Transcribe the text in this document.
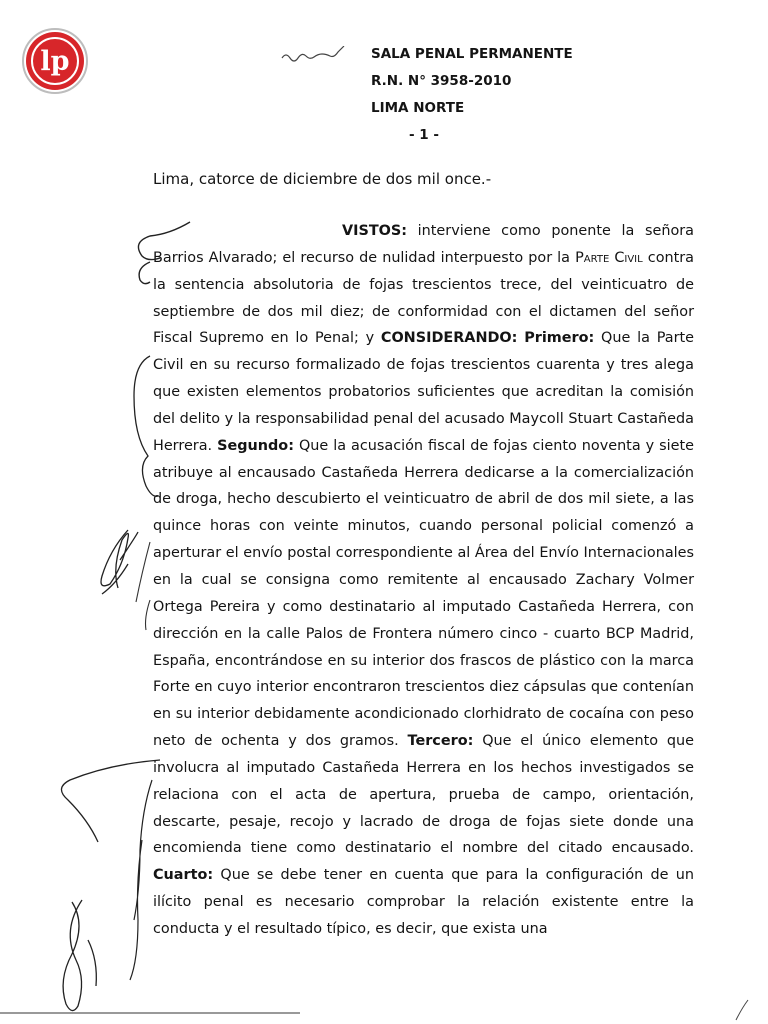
lp	SALA PENAL PERMANENTE
R.N. N° 3958-2010
LIMA NORTE
- 1 -
Lima, catorce de diciembre de dos mil once.-

VISTOS: interviene como ponente la señora Barrios Alvarado; el recurso de nulidad interpuesto por la Parte Civil contra la sentencia absolutoria de fojas trescientos trece, del veinticuatro de septiembre de dos mil diez; de conformidad con el dictamen del señor Fiscal Supremo en lo Penal; y CONSIDERANDO: Primero: Que la Parte Civil en su recurso formalizado de fojas trescientos cuarenta y tres alega que existen elementos probatorios suficientes que acreditan la comisión del delito y la responsabilidad penal del acusado Maycoll Stuart Castañeda Herrera. Segundo: Que la acusación fiscal de fojas ciento noventa y siete atribuye al encausado Castañeda Herrera dedicarse a la comercialización de droga, hecho descubierto el veinticuatro de abril de dos mil siete, a las quince horas con veinte minutos, cuando personal policial comenzó a aperturar el envío postal correspondiente al Área del Envío Internacionales en la cual se consigna como remitente al encausado Zachary Volmer Ortega Pereira y como destinatario al imputado Castañeda Herrera, con dirección en la calle Palos de Frontera número cinco - cuarto BCP Madrid, España, encontrándose en su interior dos frascos de plástico con la marca Forte en cuyo interior encontraron trescientos diez cápsulas que contenían en su interior debidamente acondicionado clorhidrato de cocaína con peso neto de ochenta y dos gramos. Tercero: Que el único elemento que involucra al imputado Castañeda Herrera en los hechos investigados se relaciona con el acta de apertura, prueba de campo, orientación, descarte, pesaje, recojo y lacrado de droga de fojas siete donde una encomienda tiene como destinatario el nombre del citado encausado. Cuarto: Que se debe tener en cuenta que para la configuración de un ilícito penal es necesario comprobar la relación existente entre la conducta y el resultado típico, es decir, que exista una
